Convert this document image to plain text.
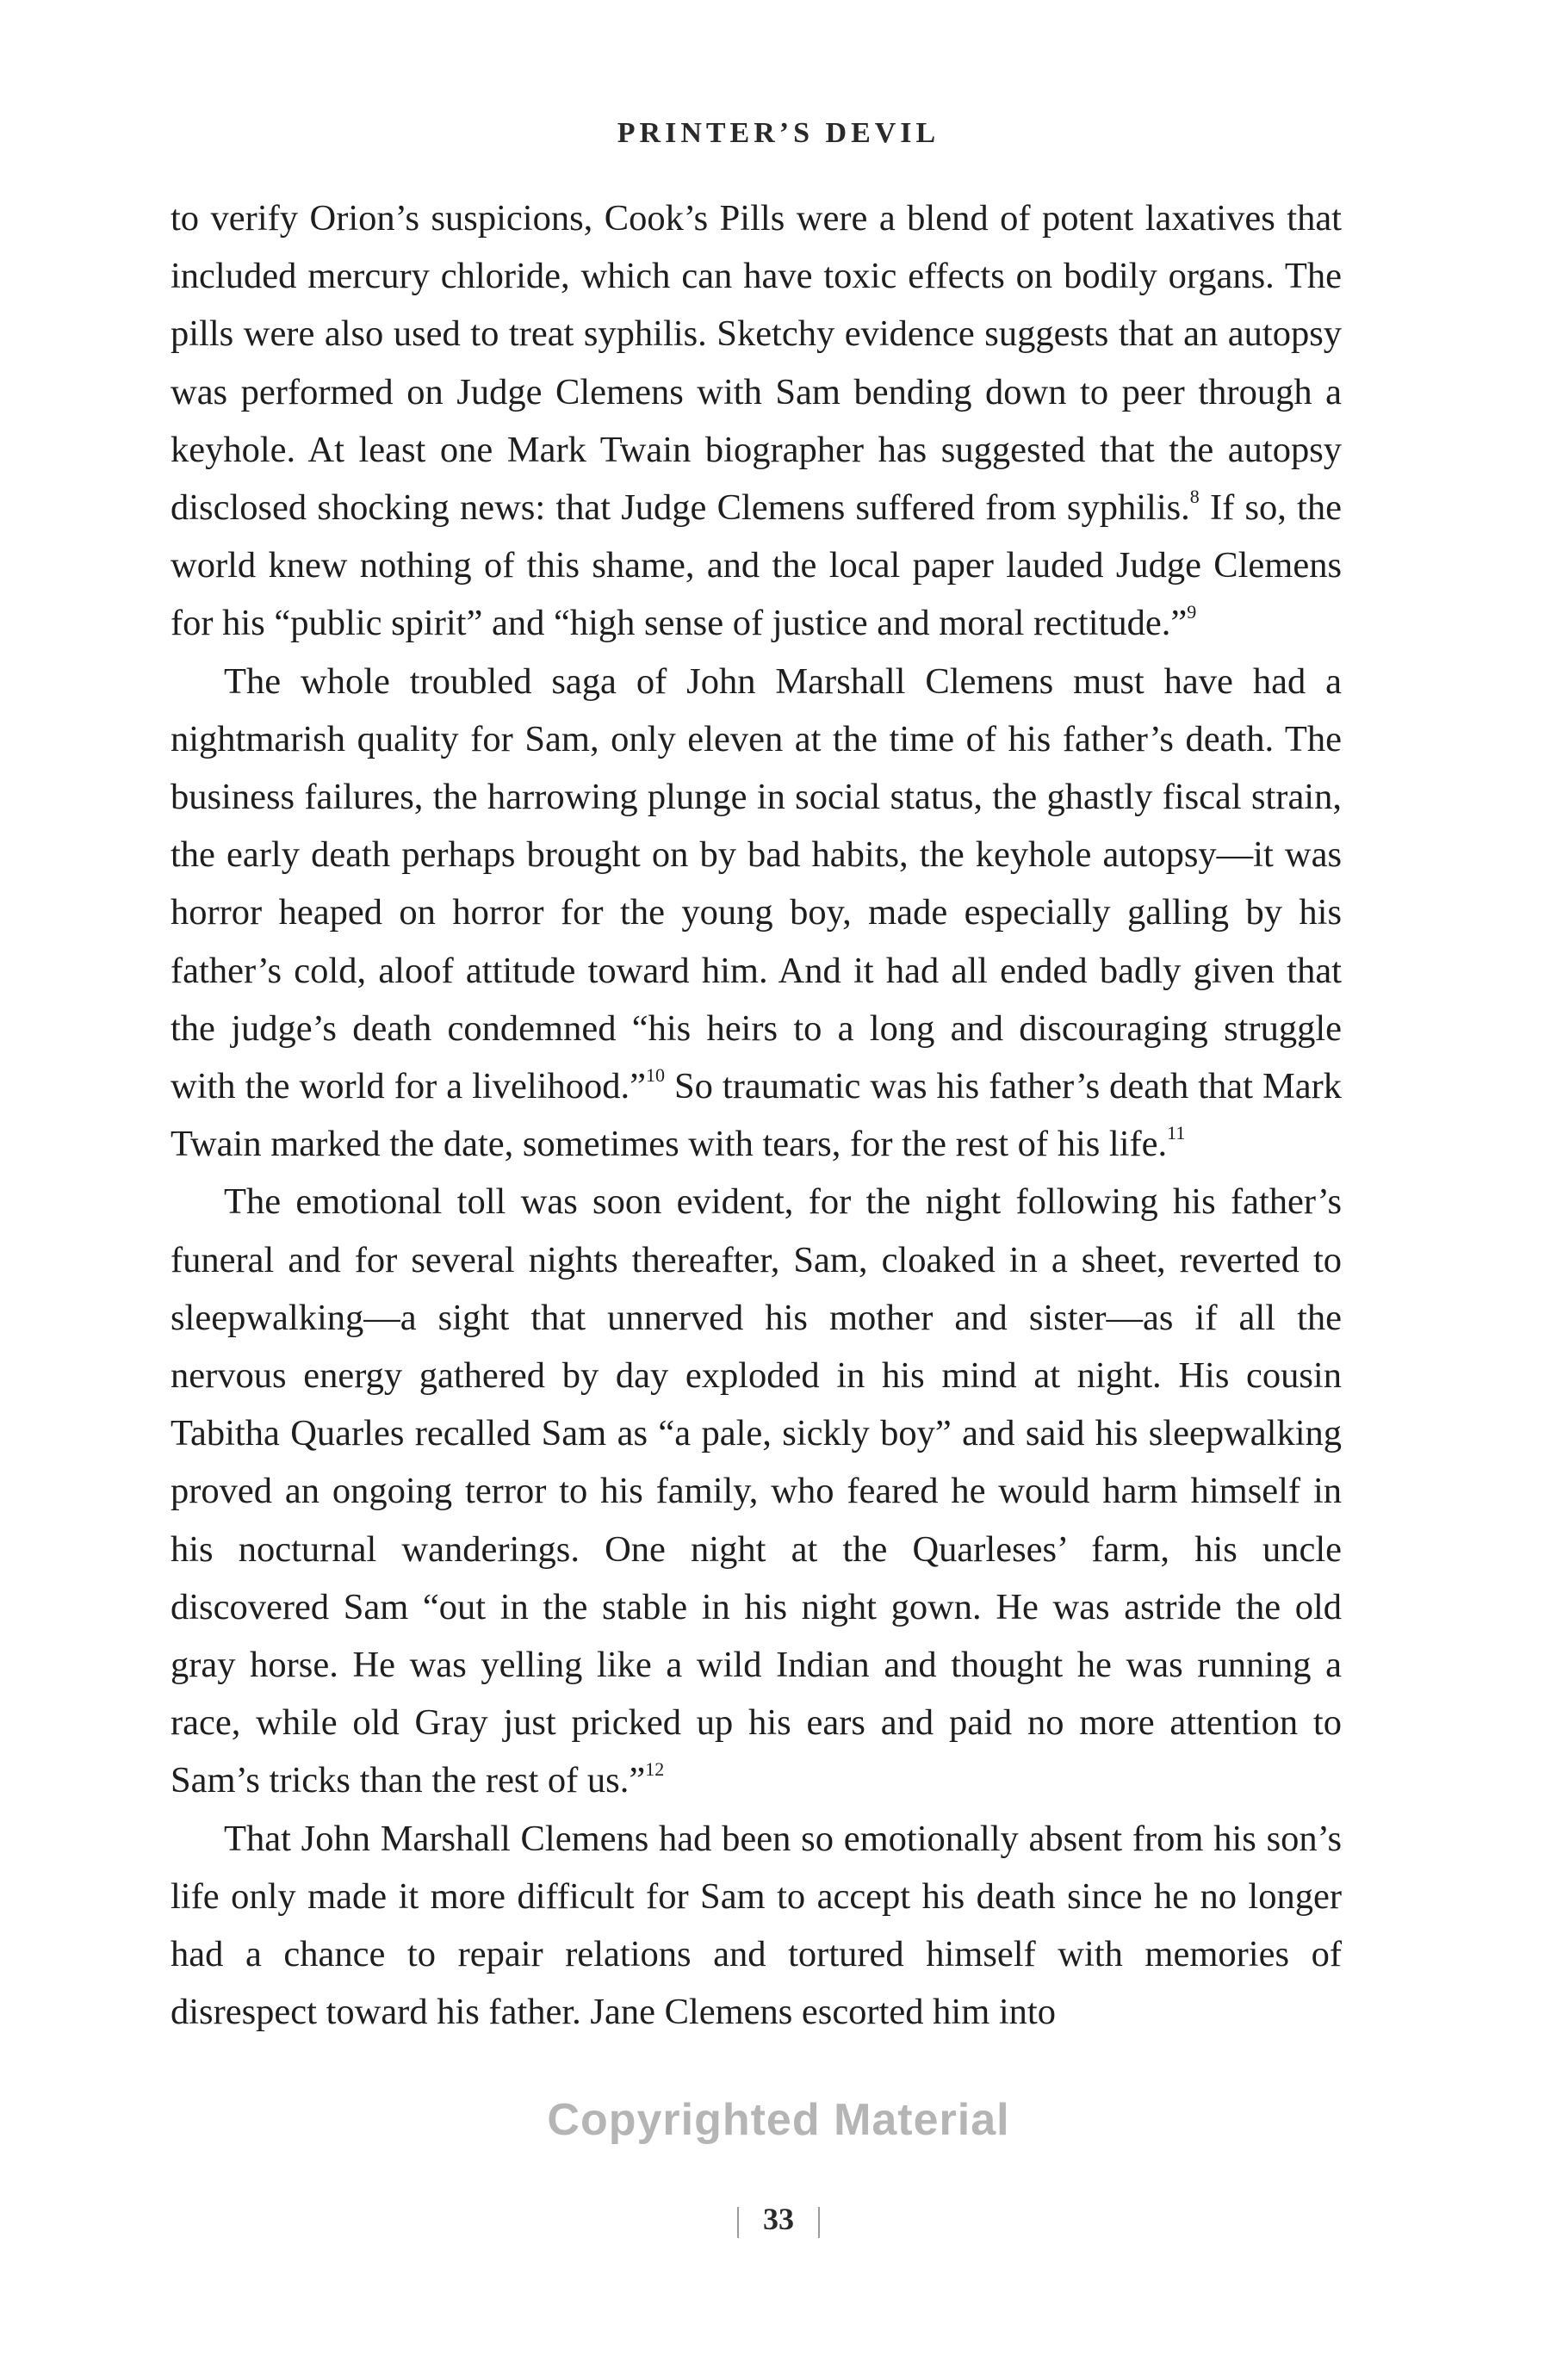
PRINTER’S DEVIL

to verify Orion’s suspicions, Cook’s Pills were a blend of potent laxatives that included mercury chloride, which can have toxic effects on bodily organs. The pills were also used to treat syphilis. Sketchy evidence suggests that an autopsy was performed on Judge Clemens with Sam bending down to peer through a keyhole. At least one Mark Twain biographer has suggested that the autopsy disclosed shocking news: that Judge Clemens suffered from syphilis.$^8$ If so, the world knew nothing of this shame, and the local paper lauded Judge Clemens for his “public spirit” and “high sense of justice and moral rectitude.”$^9$

The whole troubled saga of John Marshall Clemens must have had a nightmarish quality for Sam, only eleven at the time of his father’s death. The business failures, the harrowing plunge in social status, the ghastly fiscal strain, the early death perhaps brought on by bad habits, the keyhole autopsy—it was horror heaped on horror for the young boy, made especially galling by his father’s cold, aloof attitude toward him. And it had all ended badly given that the judge’s death condemned “his heirs to a long and discouraging struggle with the world for a livelihood.”$^{10}$ So traumatic was his father’s death that Mark Twain marked the date, sometimes with tears, for the rest of his life.$^{11}$

The emotional toll was soon evident, for the night following his father’s funeral and for several nights thereafter, Sam, cloaked in a sheet, reverted to sleepwalking—a sight that unnerved his mother and sister—as if all the nervous energy gathered by day exploded in his mind at night. His cousin Tabitha Quarles recalled Sam as “a pale, sickly boy” and said his sleepwalking proved an ongoing terror to his family, who feared he would harm himself in his nocturnal wanderings. One night at the Quarleses’ farm, his uncle discovered Sam “out in the stable in his night gown. He was astride the old gray horse. He was yelling like a wild Indian and thought he was running a race, while old Gray just pricked up his ears and paid no more attention to Sam’s tricks than the rest of us.”$^{12}$

That John Marshall Clemens had been so emotionally absent from his son’s life only made it more difficult for Sam to accept his death since he no longer had a chance to repair relations and tortured himself with memories of disrespect toward his father. Jane Clemens escorted him into

Copyrighted Material
33
